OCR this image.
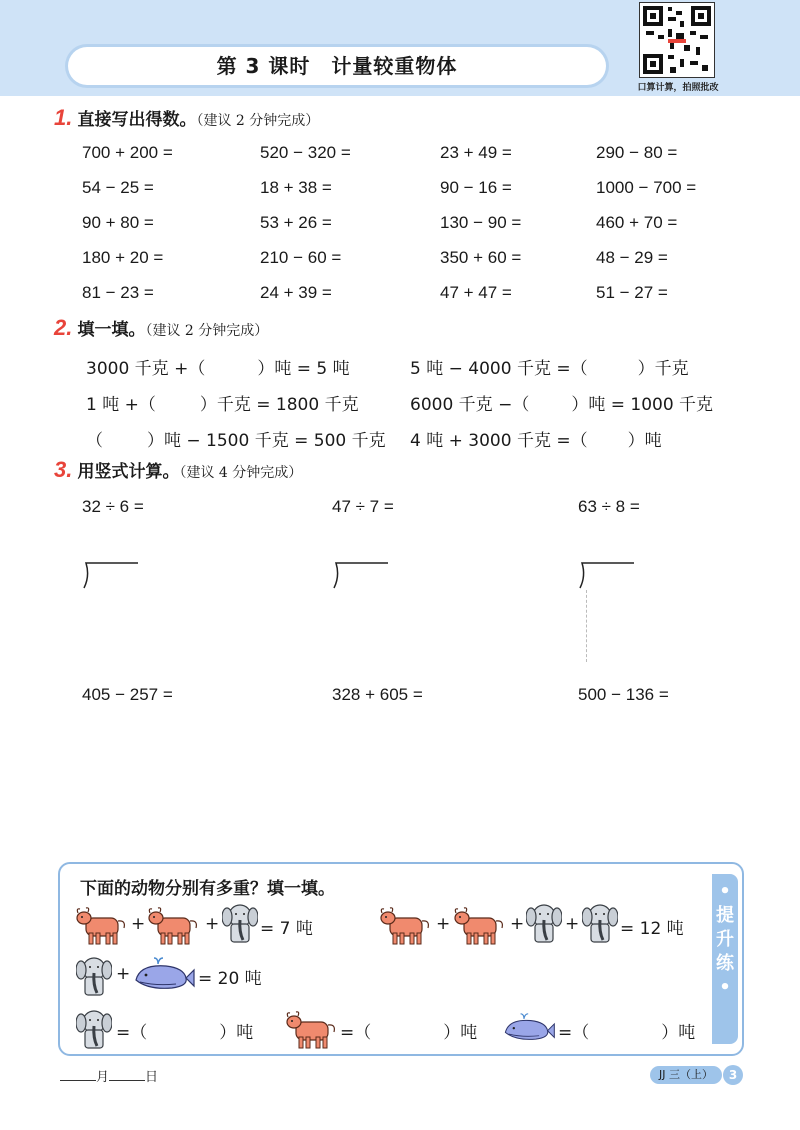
第 3 课时　计量较重物体
口算计算，拍照批改
1. 直接写出得数。（建议 2 分钟完成）
700 + 200 =	520 − 320 =	23 + 49 =	290 − 80 =
54 − 25 =	18 + 38 =	90 − 16 =	1000 − 700 =
90 + 80 =	53 + 26 =	130 − 90 =	460 + 70 =
180 + 20 =	210 − 60 =	350 + 60 =	48 − 29 =
81 − 23 =	24 + 39 =	47 + 47 =	51 − 27 =
2. 填一填。（建议 2 分钟完成）
3000 千克 +（	）吨 = 5 吨	5 吨 − 4000 千克 =（	）千克
1 吨 +（	）千克 = 1800 千克	6000 千克 −（ ）吨 = 1000 千克
（	）吨 − 1500 千克 = 500 千克 4 吨 + 3000 千克 =（ ）吨
3. 用竖式计算。（建议 4 分钟完成）
32 ÷ 6 =	47 ÷ 7 =	63 ÷ 8 =
405 − 257 =	328 + 605 =	500 − 136 =
•
提
升
练
•
下面的动物分别有多重？填一填。
+	+ = 7 吨	+	+ + = 12 吨
+	= 20 吨
=（	）吨	=（	）吨	=（	）吨
月	日	JJ 三（上）	3
